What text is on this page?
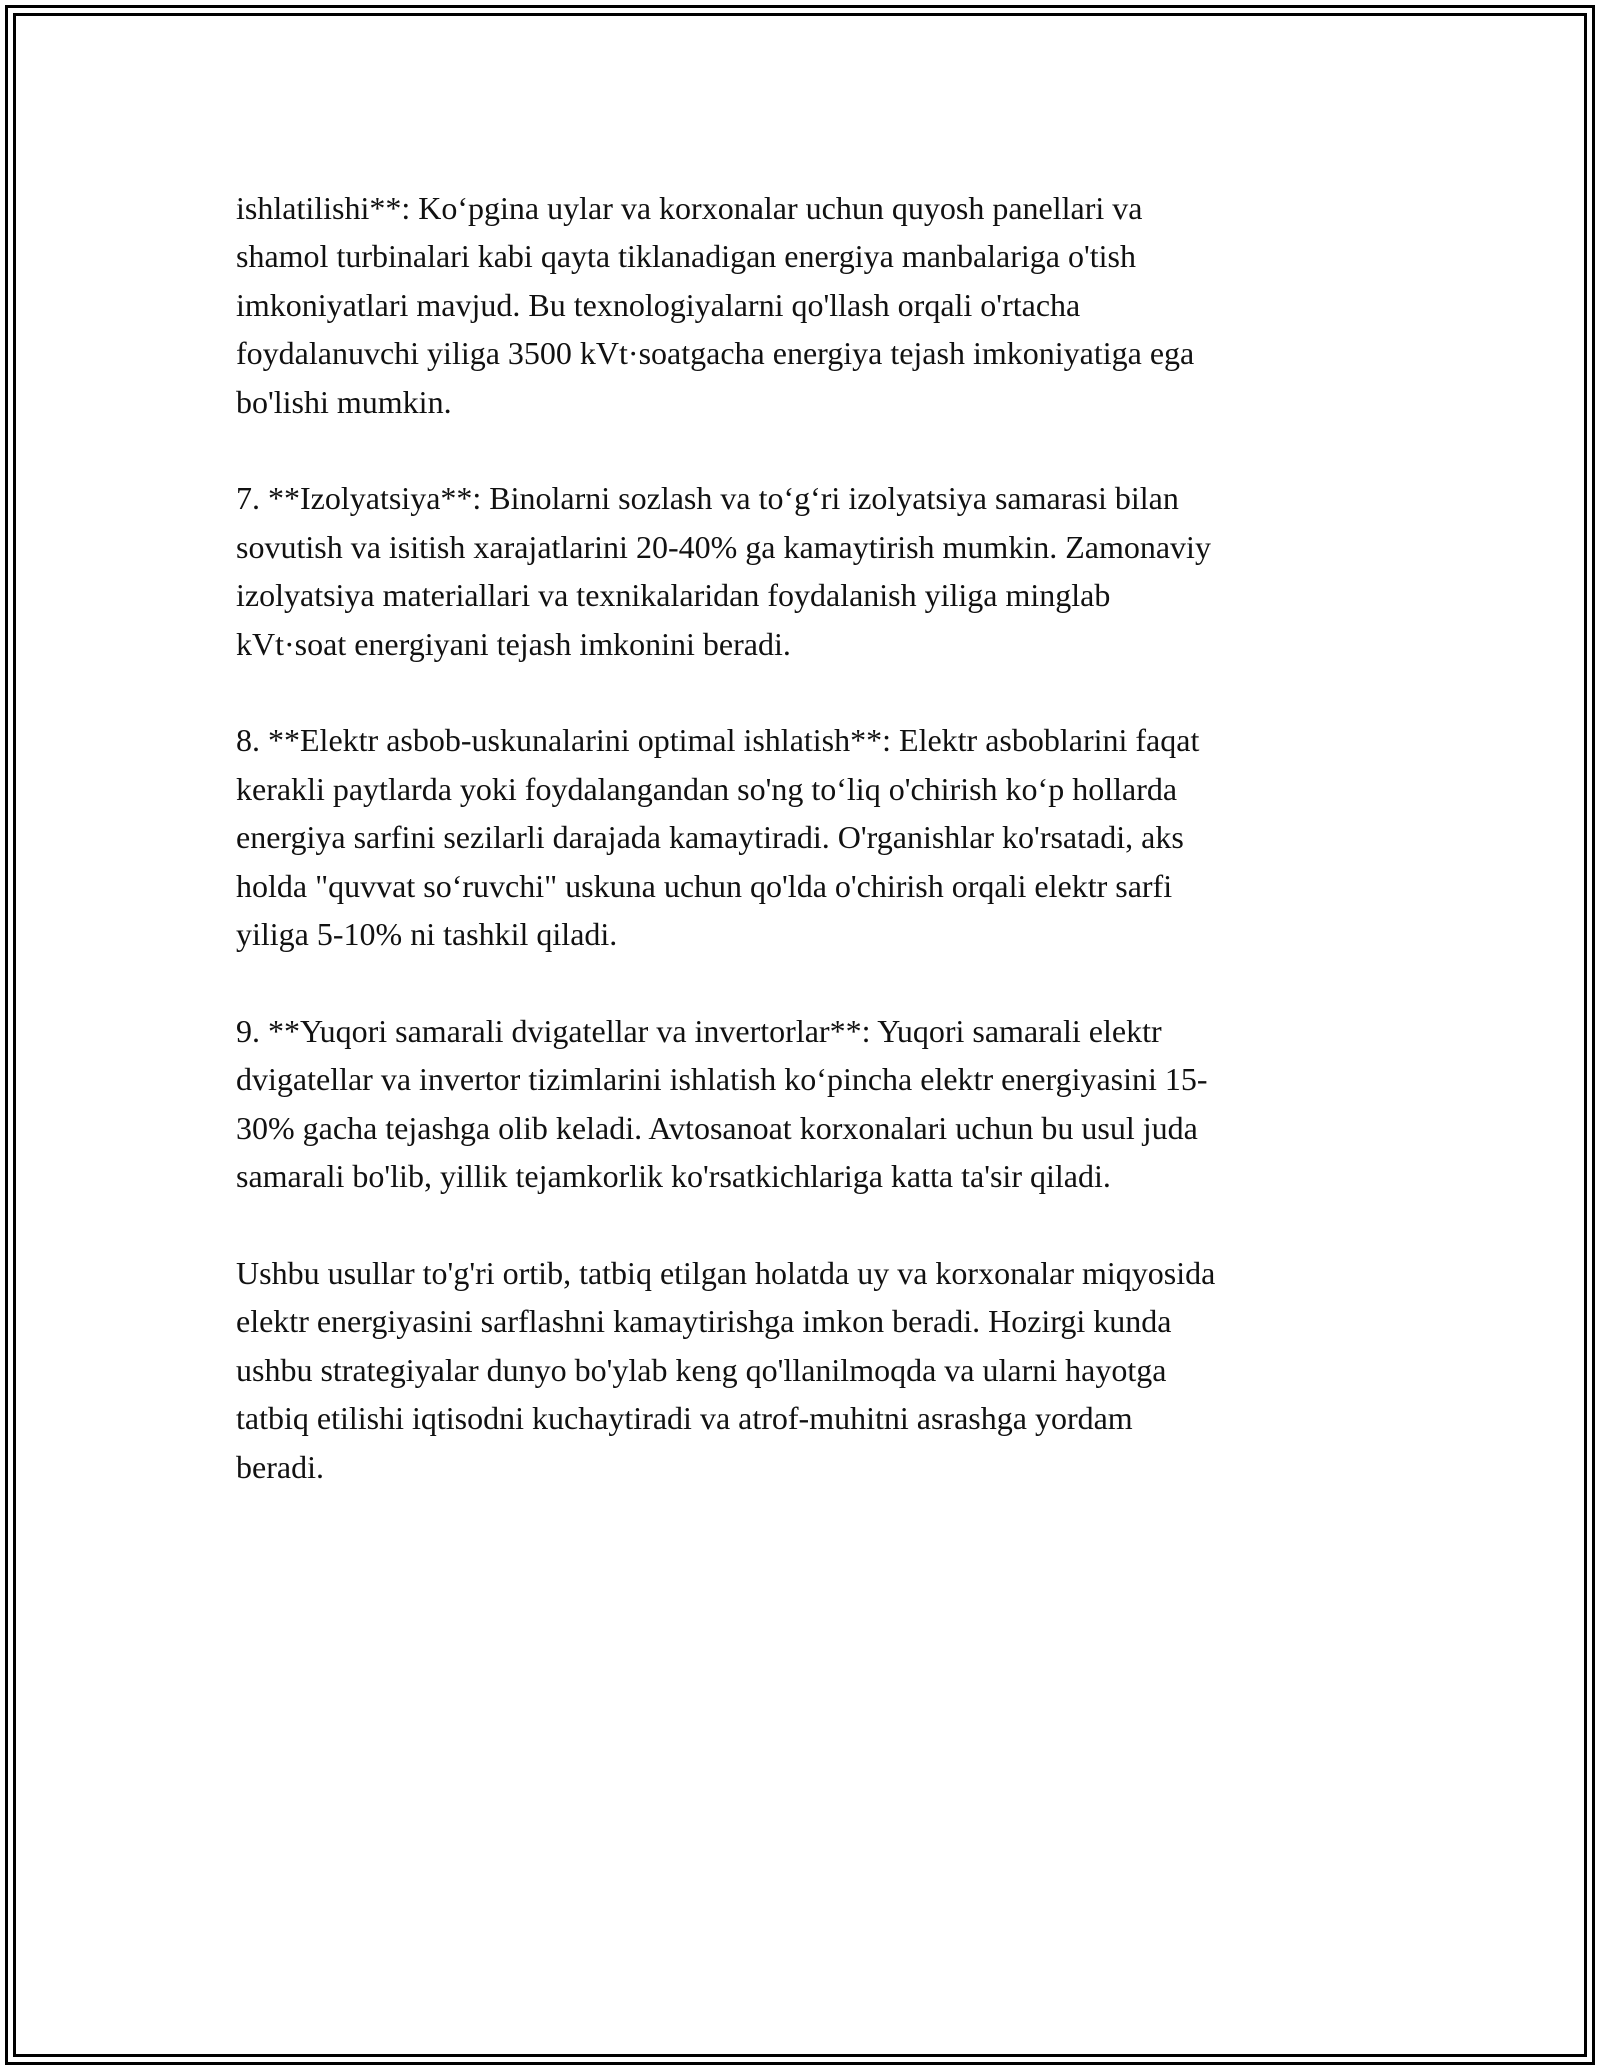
ishlatilishi**: Ko‘pgina uylar va korxonalar uchun quyosh panellari va
shamol turbinalari kabi qayta tiklanadigan energiya manbalariga o'tish
imkoniyatlari mavjud. Bu texnologiyalarni qo'llash orqali o'rtacha
foydalanuvchi yiliga 3500 kVt·soatgacha energiya tejash imkoniyatiga ega
bo'lishi mumkin.

7. **Izolyatsiya**: Binolarni sozlash va to‘g‘ri izolyatsiya samarasi bilan
sovutish va isitish xarajatlarini 20-40% ga kamaytirish mumkin. Zamonaviy
izolyatsiya materiallari va texnikalaridan foydalanish yiliga minglab
kVt·soat energiyani tejash imkonini beradi.

8. **Elektr asbob-uskunalarini optimal ishlatish**: Elektr asboblarini faqat
kerakli paytlarda yoki foydalangandan so'ng to‘liq o'chirish ko‘p hollarda
energiya sarfini sezilarli darajada kamaytiradi. O'rganishlar ko'rsatadi, aks
holda "quvvat so‘ruvchi" uskuna uchun qo'lda o'chirish orqali elektr sarfi
yiliga 5-10% ni tashkil qiladi.

9. **Yuqori samarali dvigatellar va invertorlar**: Yuqori samarali elektr
dvigatellar va invertor tizimlarini ishlatish ko‘pincha elektr energiyasini 15-
30% gacha tejashga olib keladi. Avtosanoat korxonalari uchun bu usul juda
samarali bo'lib, yillik tejamkorlik ko'rsatkichlariga katta ta'sir qiladi.

Ushbu usullar to'g'ri ortib, tatbiq etilgan holatda uy va korxonalar miqyosida
elektr energiyasini sarflashni kamaytirishga imkon beradi. Hozirgi kunda
ushbu strategiyalar dunyo bo'ylab keng qo'llanilmoqda va ularni hayotga
tatbiq etilishi iqtisodni kuchaytiradi va atrof-muhitni asrashga yordam
beradi.
